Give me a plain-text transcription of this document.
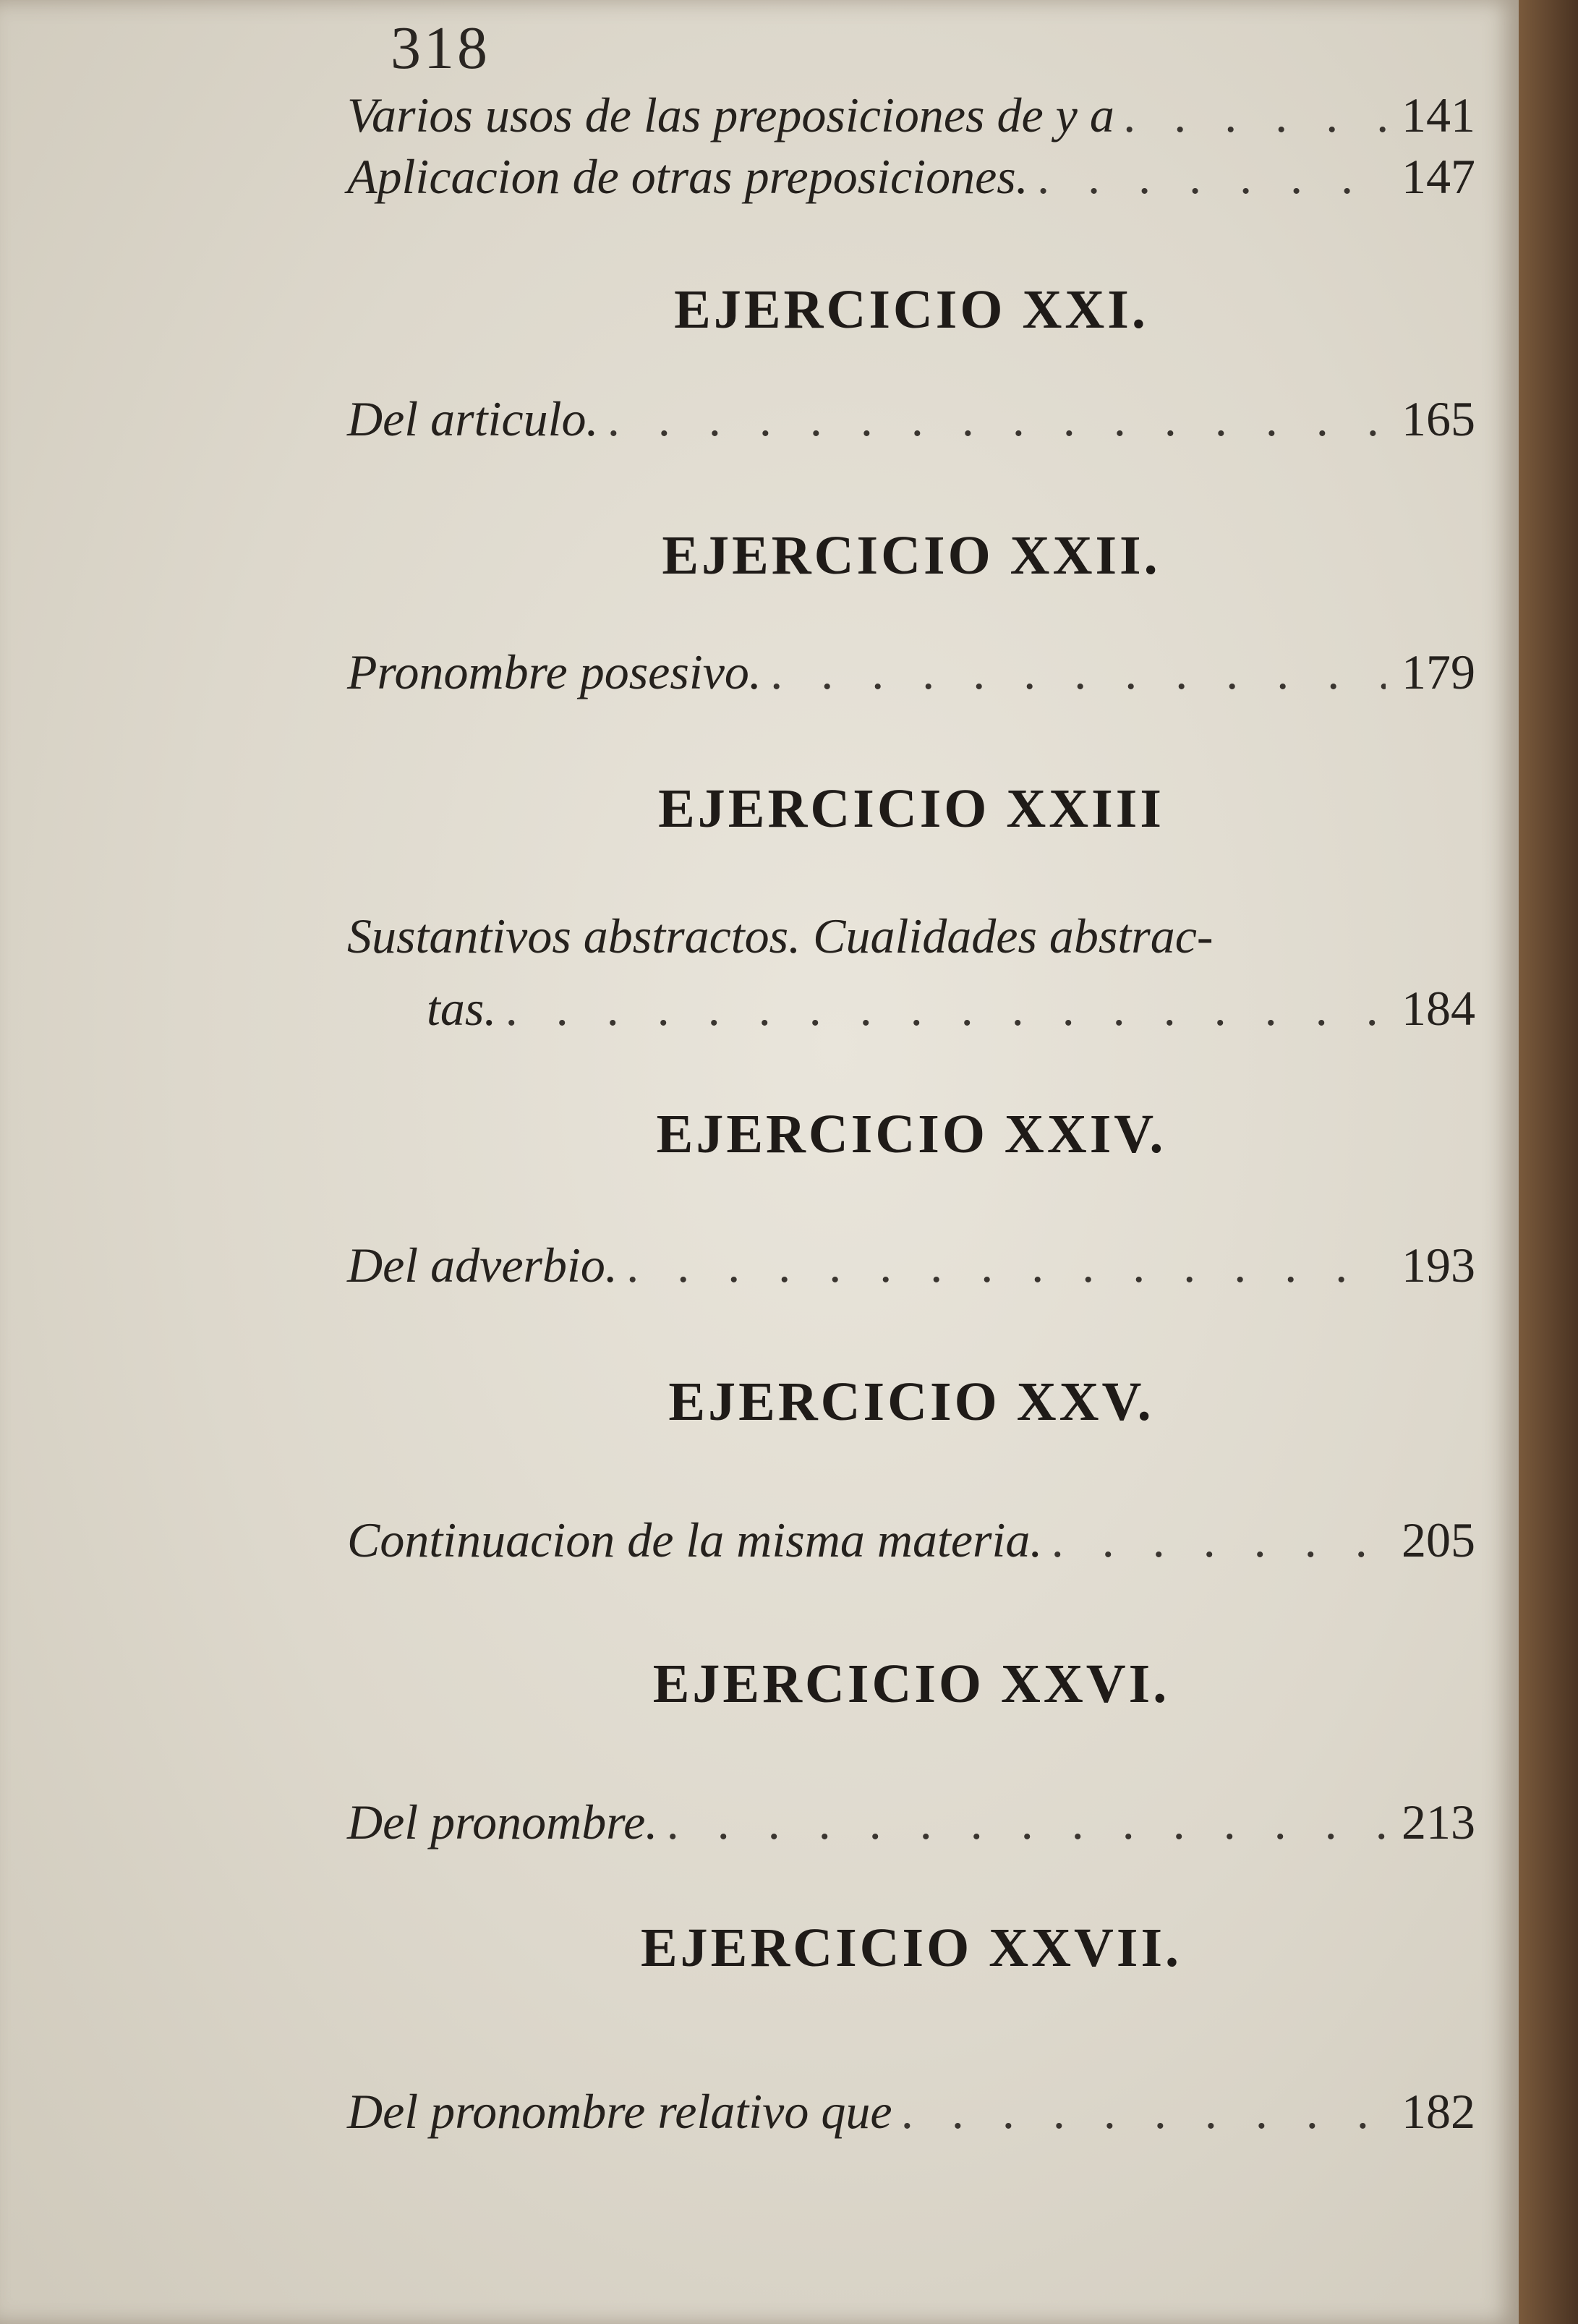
318
Varios usos de las preposiciones de y a . . .	141
Aplicacion de otras preposiciones. . . .	147
EJERCICIO XXI.
Del articulo. . . .	165
EJERCICIO XXII.
Pronombre posesivo. . . .	179
EJERCICIO XXIII
Sustantivos abstractos. Cualidades abstrac-
tas. . . .	184
EJERCICIO XXIV.
Del adverbio. . . .	193
EJERCICIO XXV.
Continuacion de la misma materia. . . .	205
EJERCICIO XXVI.
Del pronombre. . . .	213
EJERCICIO XXVII.
Del pronombre relativo que . . .	182
